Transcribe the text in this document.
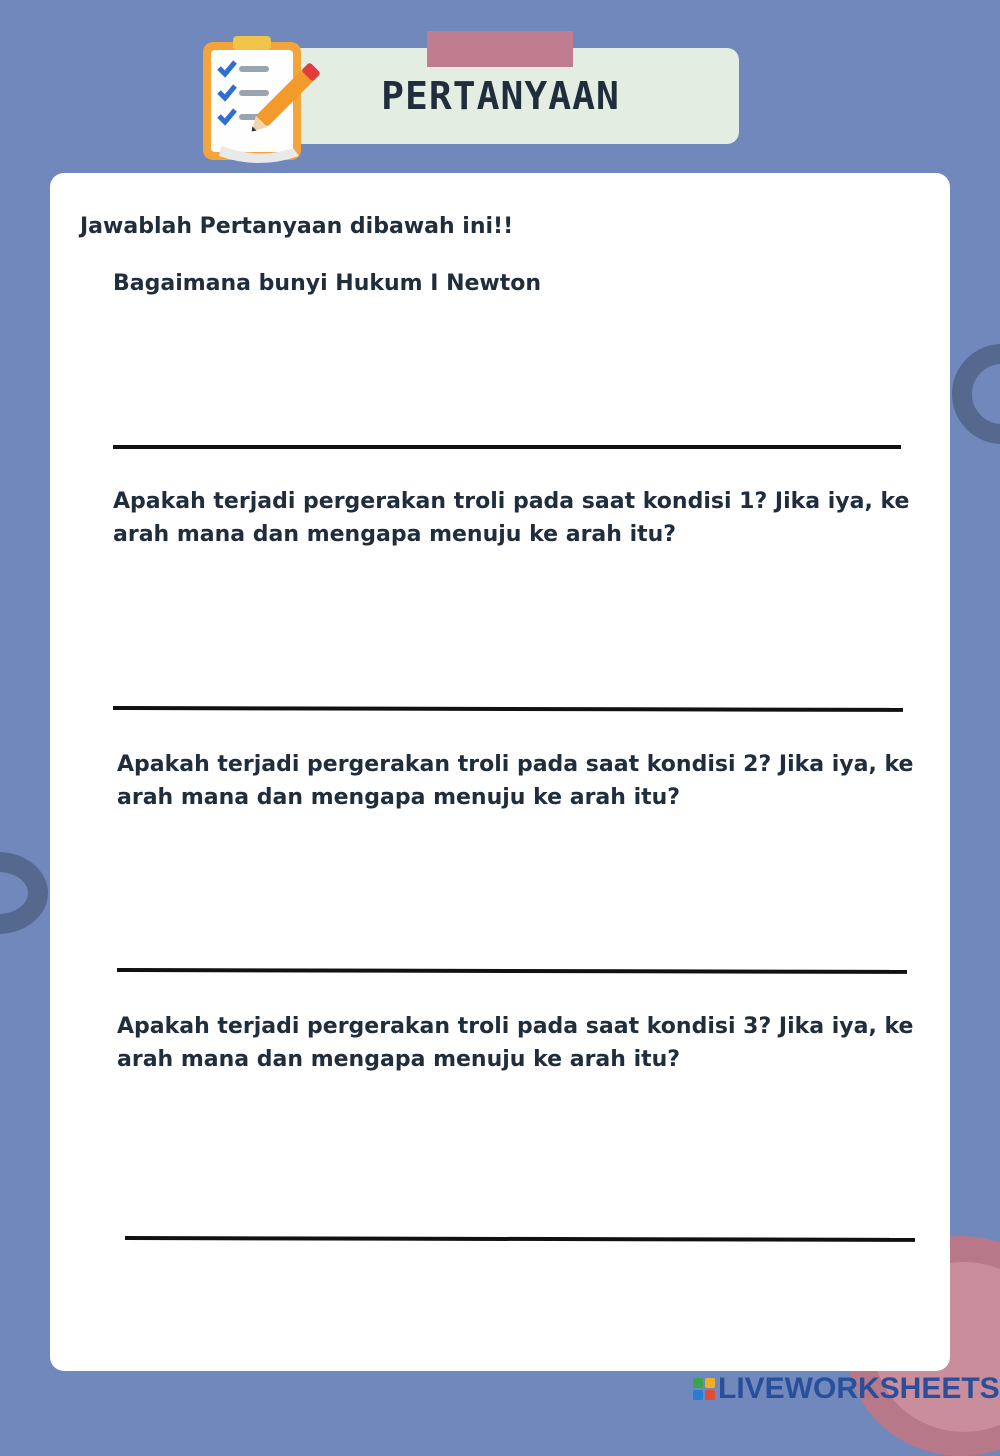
PERTANYAAN
Jawablah Pertanyaan dibawah ini!!
Bagaimana bunyi Hukum I Newton
Apakah terjadi pergerakan troli pada saat kondisi 1? Jika iya, ke arah mana dan mengapa menuju ke arah itu?
Apakah terjadi pergerakan troli pada saat kondisi 2? Jika iya, ke arah mana dan mengapa menuju ke arah itu?
Apakah terjadi pergerakan troli pada saat kondisi 3? Jika iya, ke arah mana dan mengapa menuju ke arah itu?
LIVEWORKSHEETS
